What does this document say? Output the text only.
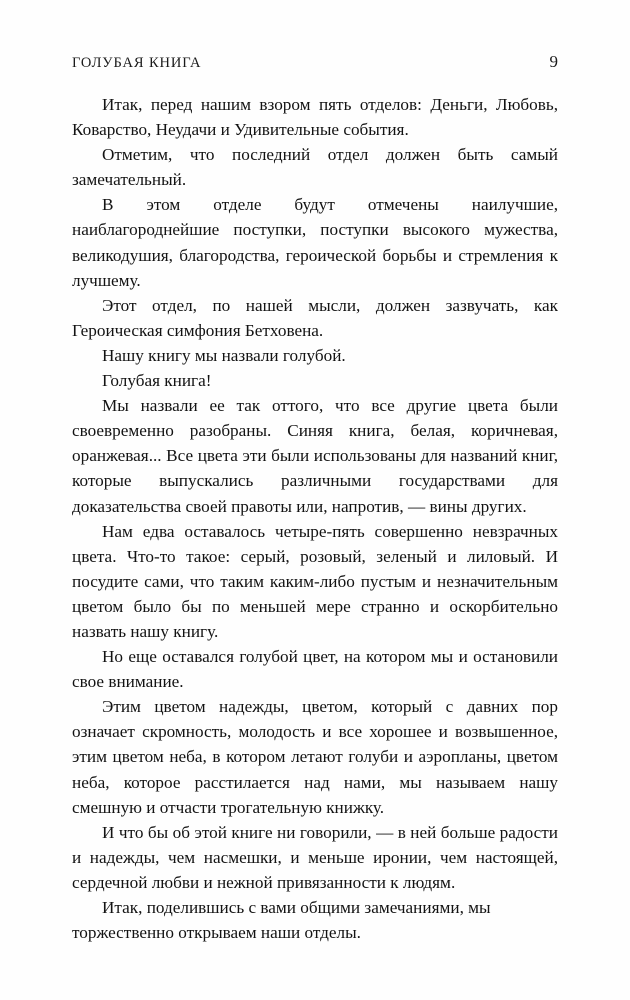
ГОЛУБАЯ КНИГА	9

Итак, перед нашим взором пять отделов: Деньги, Любовь, Коварство, Неудачи и Удивительные события.

Отметим, что последний отдел должен быть самый замечательный.

В этом отделе будут отмечены наилучшие, наиблагороднейшие поступки, поступки высокого мужества, великодушия, благородства, героической борьбы и стремления к лучшему.

Этот отдел, по нашей мысли, должен зазвучать, как Героическая симфония Бетховена.

Нашу книгу мы назвали голубой.

Голубая книга!

Мы назвали ее так оттого, что все другие цвета были своевременно разобраны. Синяя книга, белая, коричневая, оранжевая... Все цвета эти были использованы для названий книг, которые выпускались различными государствами для доказательства своей правоты или, напротив, — вины других.

Нам едва оставалось четыре-пять совершенно невзрачных цвета. Что-то такое: серый, розовый, зеленый и лиловый. И посудите сами, что таким каким-либо пустым и незначительным цветом было бы по меньшей мере странно и оскорбительно назвать нашу книгу.

Но еще оставался голубой цвет, на котором мы и остановили свое внимание.

Этим цветом надежды, цветом, который с давних пор означает скромность, молодость и все хорошее и возвышенное, этим цветом неба, в котором летают голуби и аэропланы, цветом неба, которое расстилается над нами, мы называем нашу смешную и отчасти трогательную книжку.

И что бы об этой книге ни говорили, — в ней больше радости и надежды, чем насмешки, и меньше иронии, чем настоящей, сердечной любви и нежной привязанности к людям.

Итак, поделившись с вами общими замечаниями, мы торжественно открываем наши отделы.
